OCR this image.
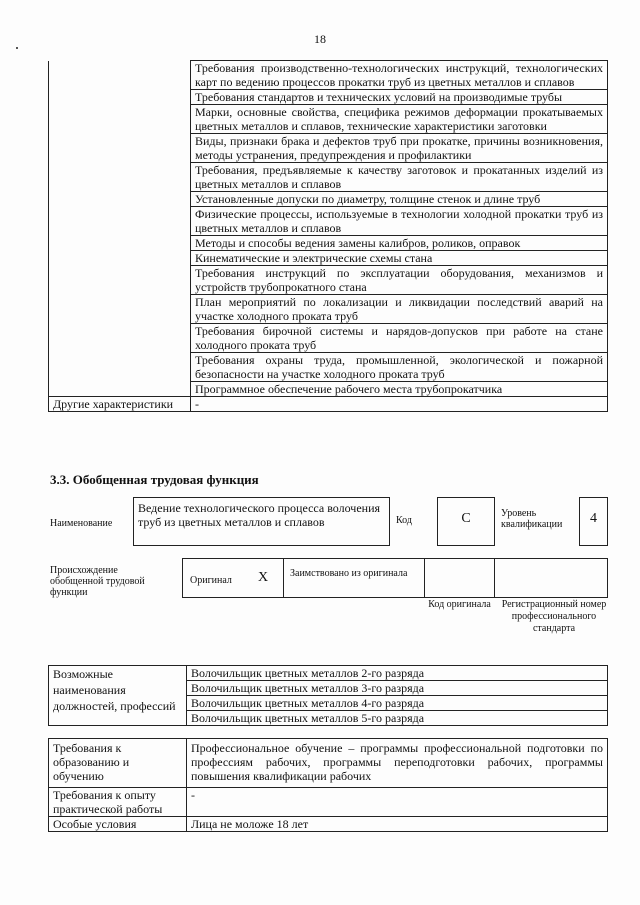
18
	Требования производственно-технологических инструкций, технологических карт по ведению процессов прокатки труб из цветных металлов и сплавов
	Требования стандартов и технических условий на производимые трубы
	Марки, основные свойства, специфика режимов деформации прокатываемых цветных металлов и сплавов, технические характеристики заготовки
	Виды, признаки брака и дефектов труб при прокатке, причины возникновения, методы устранения, предупреждения и профилактики
	Требования, предъявляемые к качеству заготовок и прокатанных изделий из цветных металлов и сплавов
	Установленные допуски по диаметру, толщине стенок и длине труб
	Физические процессы, используемые в технологии холодной прокатки труб из цветных металлов и сплавов
	Методы и способы ведения замены калибров, роликов, оправок
	Кинематические и электрические схемы стана
	Требования инструкций по эксплуатации оборудования, механизмов и устройств трубопрокатного стана
	План мероприятий по локализации и ликвидации последствий аварий на участке холодного проката труб
	Требования бирочной системы и нарядов-допусков при работе на стане холодного проката труб
	Требования охраны труда, промышленной, экологической и пожарной безопасности на участке холодного проката труб
	Программное обеспечение рабочего места трубопрокатчика
Другие характеристики	-
3.3. Обобщенная трудовая функция
Наименование
Ведение технологического процесса волочения труб из цветных металлов и сплавов	Код	C	Уровень квалификации	4
Происхождение обобщенной трудовой функции
Оригинал X Заимствовано из оригинала
Код оригинала	Регистрационный номер профессионального стандарта
Возможные наименования должностей, профессий	Волочильщик цветных металлов 2-го разряда
Волочильщик цветных металлов 3-го разряда
Волочильщик цветных металлов 4-го разряда
Волочильщик цветных металлов 5-го разряда
Требования к образованию и обучению	Профессиональное обучение – программы профессиональной подготовки по профессиям рабочих, программы переподготовки рабочих, программы повышения квалификации рабочих
Требования к опыту практической работы	-
Особые условия	Лица не моложе 18 лет
